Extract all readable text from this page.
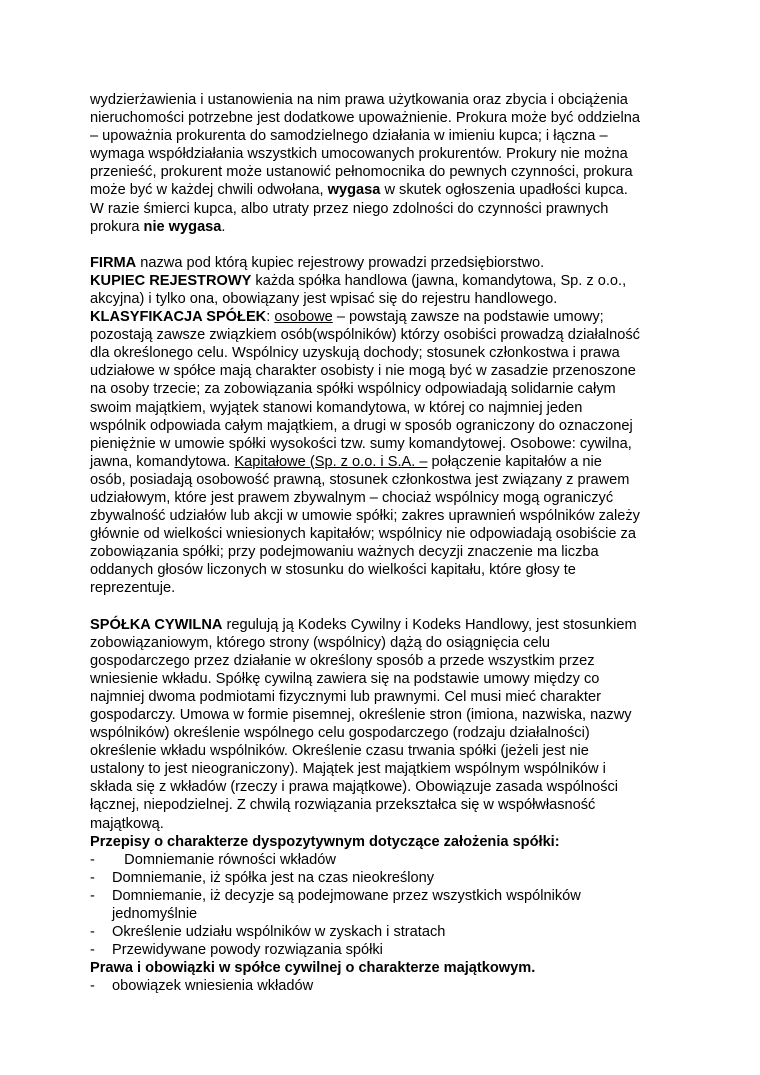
wydzierżawienia i ustanowienia na nim prawa użytkowania oraz zbycia i obciążenia
nieruchomości potrzebne jest dodatkowe upoważnienie. Prokura może być oddzielna
– upoważnia prokurenta do samodzielnego działania w imieniu kupca; i łączna –
wymaga współdziałania wszystkich umocowanych prokurentów. Prokury nie można
przenieść, prokurent może ustanowić pełnomocnika do pewnych czynności, prokura
może być w każdej chwili odwołana, wygasa w skutek ogłoszenia upadłości kupca.
W razie śmierci kupca, albo utraty przez niego zdolności do czynności prawnych
prokura nie wygasa.
FIRMA nazwa pod którą kupiec rejestrowy prowadzi przedsiębiorstwo.
KUPIEC REJESTROWY każda spółka handlowa (jawna, komandytowa, Sp. z o.o.,
akcyjna) i tylko ona, obowiązany jest wpisać się do rejestru handlowego.
KLASYFIKACJA SPÓŁEK: osobowe – powstają zawsze na podstawie umowy;
pozostają zawsze związkiem osób(wspólników) którzy osobiści prowadzą działalność
dla określonego celu. Wspólnicy uzyskują dochody; stosunek członkostwa i prawa
udziałowe w spółce mają charakter osobisty i nie mogą być w zasadzie przenoszone
na osoby trzecie; za zobowiązania spółki wspólnicy odpowiadają solidarnie całym
swoim majątkiem, wyjątek stanowi komandytowa, w której co najmniej jeden
wspólnik odpowiada całym majątkiem, a drugi w sposób ograniczony do oznaczonej
pieniężnie w umowie spółki wysokości tzw. sumy komandytowej. Osobowe: cywilna,
jawna, komandytowa. Kapitałowe (Sp. z o.o. i S.A. – połączenie kapitałów a nie
osób, posiadają osobowość prawną, stosunek członkostwa jest związany z prawem
udziałowym, które jest prawem zbywalnym – chociaż wspólnicy mogą ograniczyć
zbywalność udziałów lub akcji w umowie spółki; zakres uprawnień wspólników zależy
głównie od wielkości wniesionych kapitałów; wspólnicy nie odpowiadają osobiście za
zobowiązania spółki; przy podejmowaniu ważnych decyzji znaczenie ma liczba
oddanych głosów liczonych w stosunku do wielkości kapitału, które głosy te
reprezentuje.
SPÓŁKA CYWILNA regulują ją Kodeks Cywilny i Kodeks Handlowy, jest stosunkiem
zobowiązaniowym, którego strony (wspólnicy) dążą do osiągnięcia celu
gospodarczego przez działanie w określony sposób a przede wszystkim przez
wniesienie wkładu. Spółkę cywilną zawiera się na podstawie umowy między co
najmniej dwoma podmiotami fizycznymi lub prawnymi. Cel musi mieć charakter
gospodarczy. Umowa w formie pisemnej, określenie stron (imiona, nazwiska, nazwy
wspólników) określenie wspólnego celu gospodarczego (rodzaju działalności)
określenie wkładu wspólników. Określenie czasu trwania spółki (jeżeli jest nie
ustalony to jest nieograniczony). Majątek jest majątkiem wspólnym wspólników i
składa się z wkładów (rzeczy i prawa majątkowe). Obowiązuje zasada wspólności
łącznej, niepodzielnej. Z chwilą rozwiązania przekształca się w współwłasność
majątkową.
Przepisy o charakterze dyspozytywnym dotyczące założenia spółki:
-	Domniemanie równości wkładów
-	Domniemanie, iż spółka jest na czas nieokreślony
-	Domniemanie, iż decyzje są podejmowane przez wszystkich wspólników
jednomyślnie
-	Określenie udziału wspólników w zyskach i stratach
-	Przewidywane powody rozwiązania spółki
Prawa i obowiązki w spółce cywilnej o charakterze majątkowym.
-	obowiązek wniesienia wkładów
